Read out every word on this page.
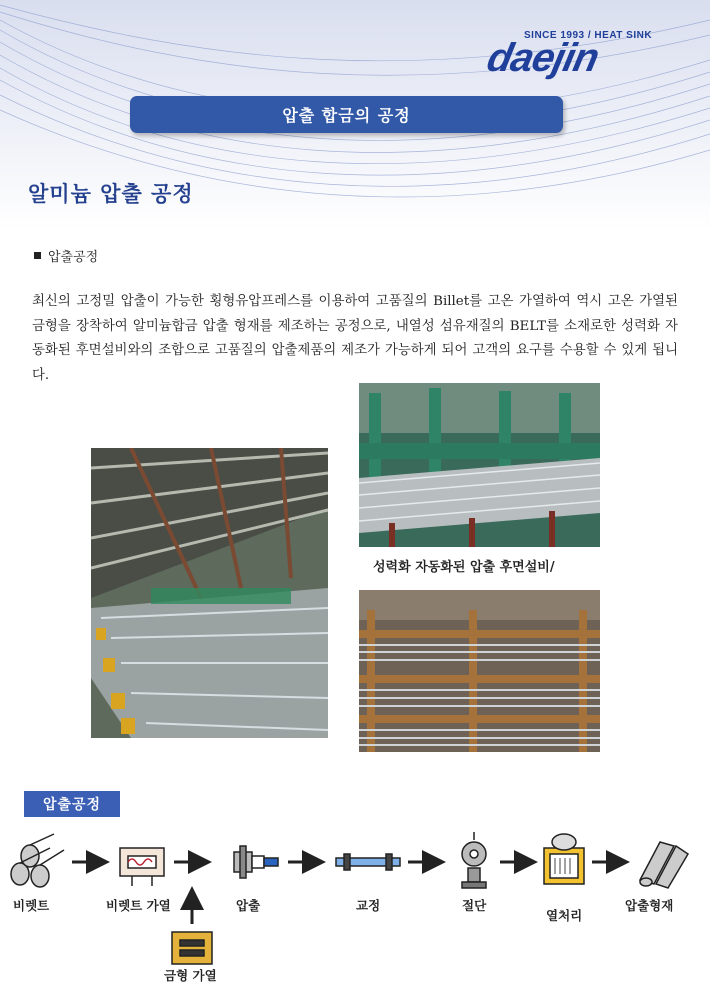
SINCE 1993 / HEAT SINK
daejin
압출 합금의 공정
알미늄 압출 공정
압출공정
최신의 고정밀 압출이 가능한 횡형유압프레스를 이용하여 고품질의 Billet를 고온 가열하여 역시 고온 가열된 금형을 장착하여 알미늄합금 압출 형재를 제조하는 공정으로, 내열성 섬유재질의 BELT를 소재로한 성력화 자동화된 후면설비와의 조합으로 고품질의 압출제품의 제조가 가능하게 되어 고객의 요구를 수용할 수 있게 됩니다.
성력화 자동화된 압출 후면설비/
압출공정
비렛트	비렛트 가열	압출	교정	절단
열처리
압출형재
금형 가열
